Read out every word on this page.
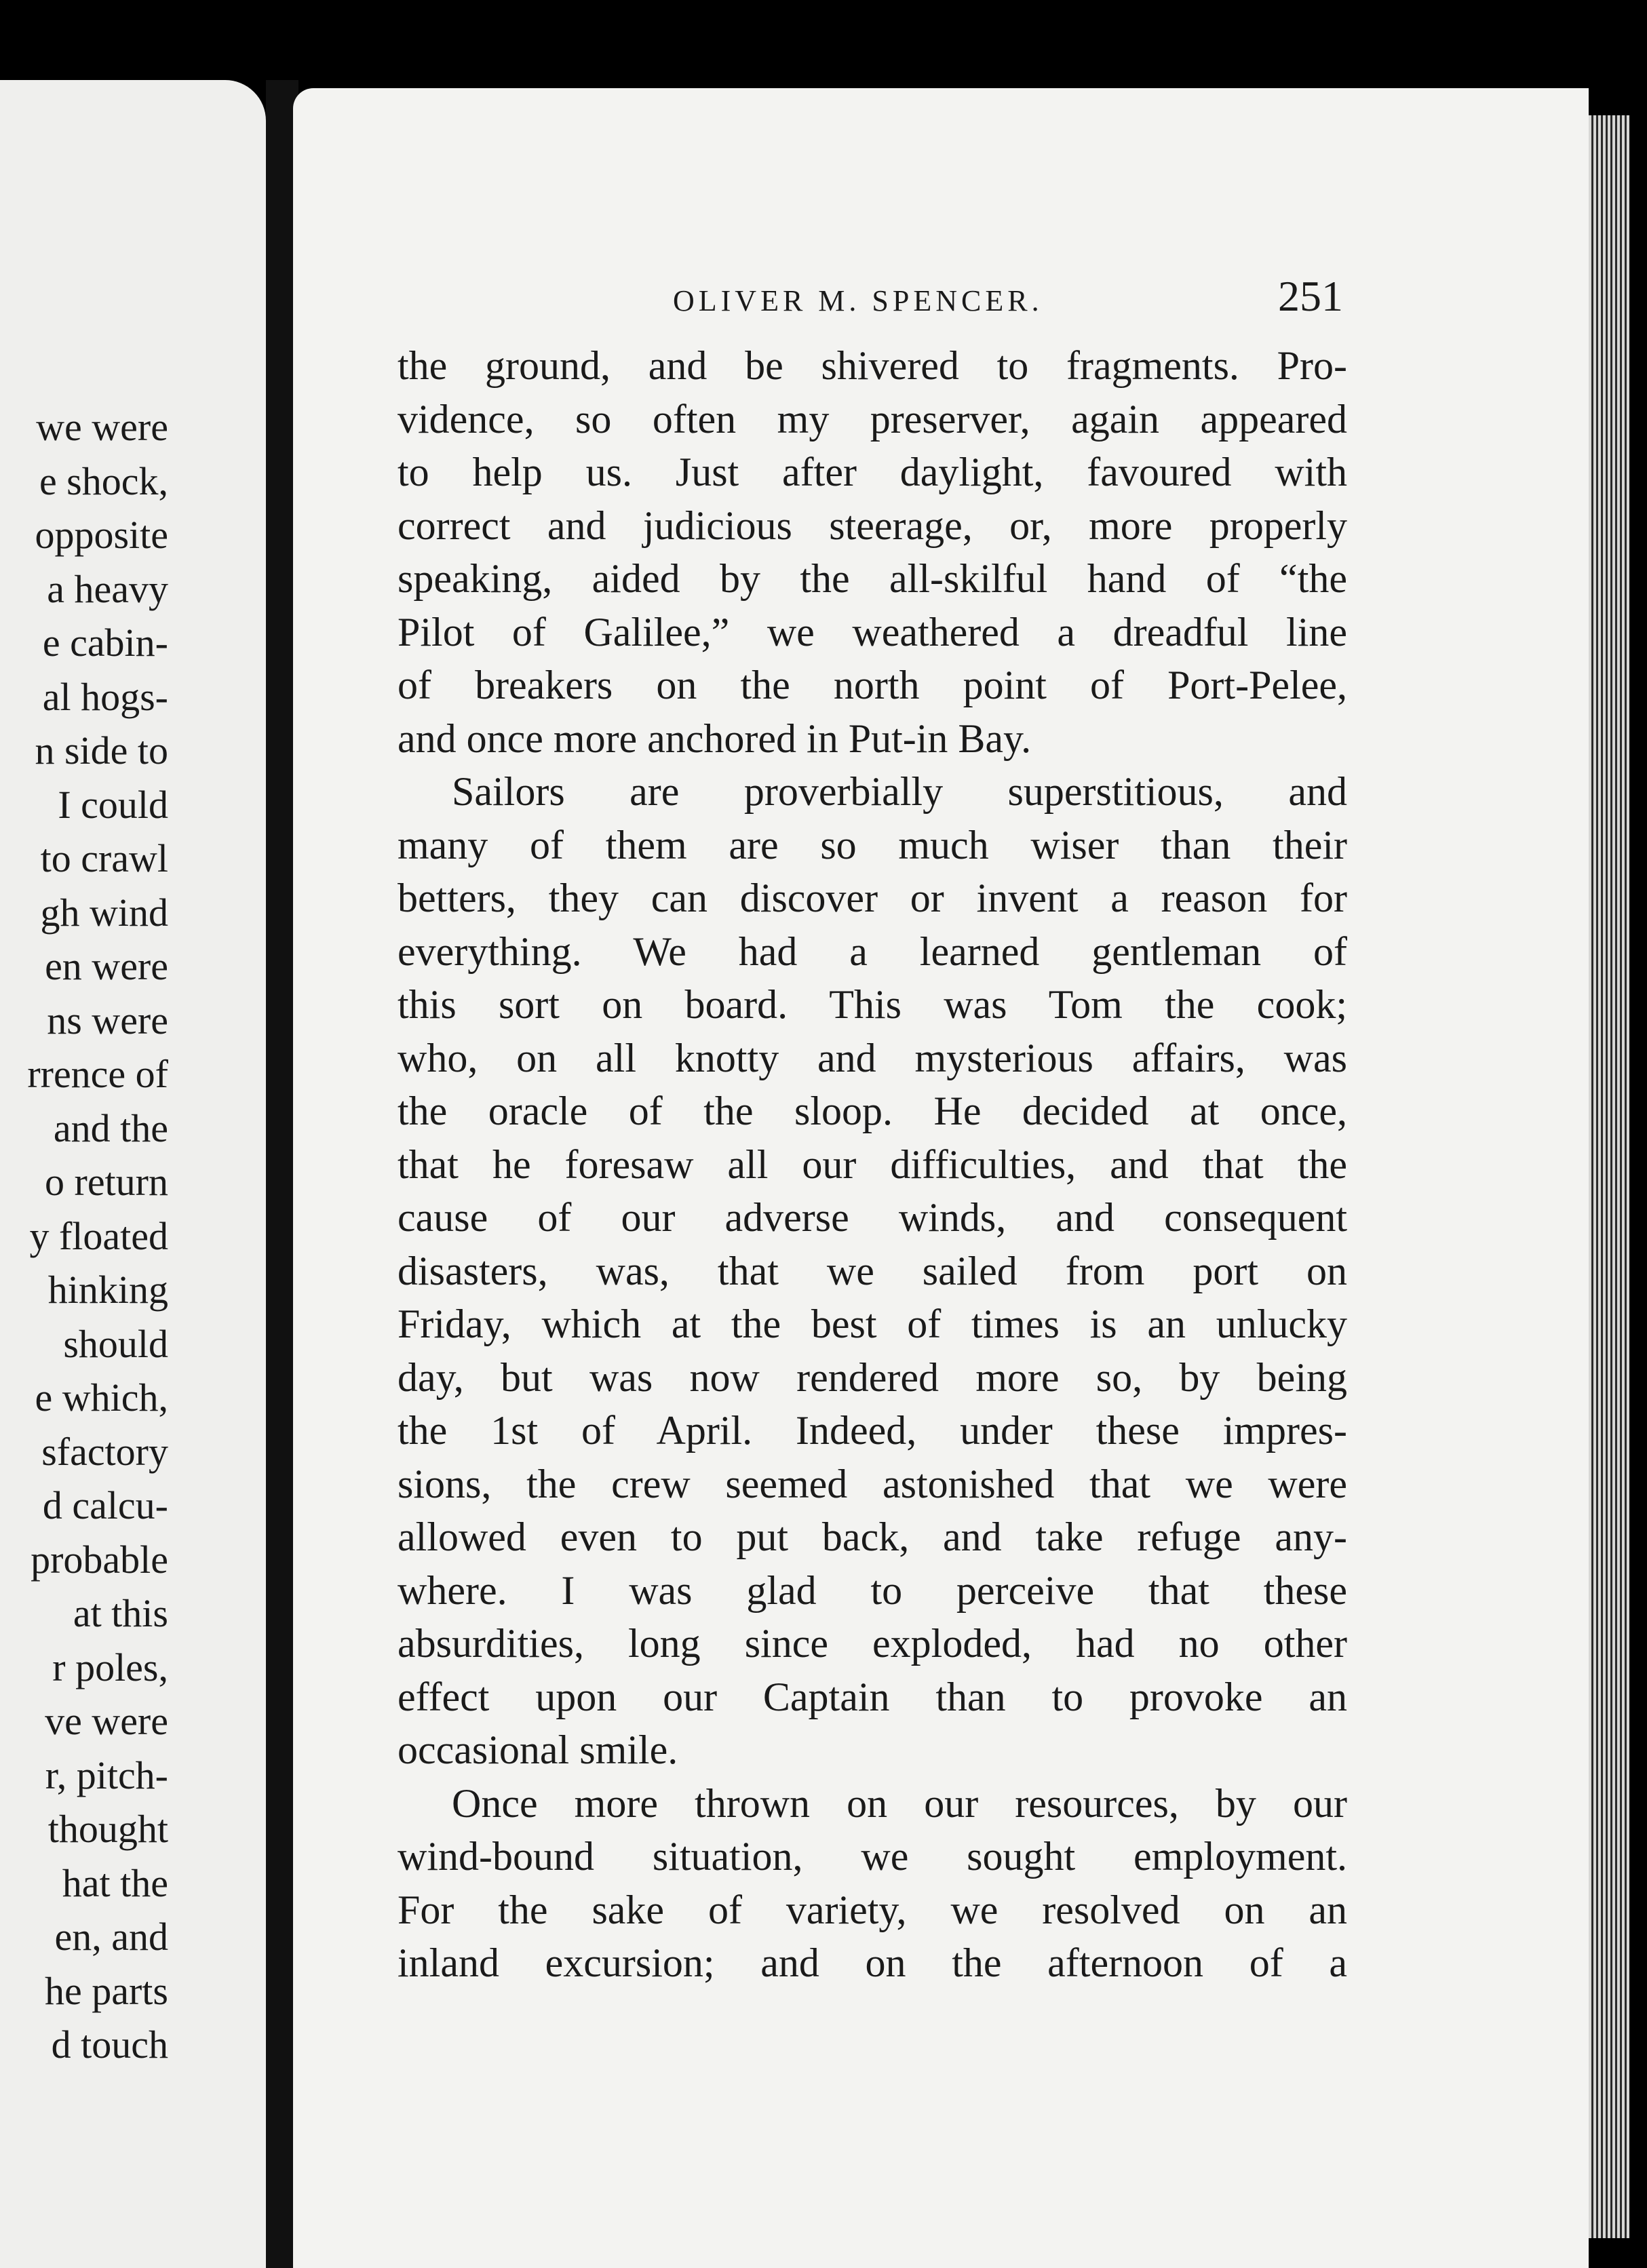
we were
e shock,
opposite
a heavy
e cabin-
al hogs-
n side to
I could
to crawl
gh wind
en were
ns were
rrence of
and the
o return
y floated
hinking
should
e which,
sfactory
d calcu-
probable
at this
r poles,
ve were
r, pitch-
thought
hat the
en, and
he parts
d touch
OLIVER M. SPENCER.	251
the ground, and be shivered to fragments. Pro-
vidence, so often my preserver, again appeared
to help us. Just after daylight, favoured with
correct and judicious steerage, or, more properly
speaking, aided by the all-skilful hand of “the
Pilot of Galilee,” we weathered a dreadful line
of breakers on the north point of Port-Pelee,
and once more anchored in Put-in Bay.
Sailors are proverbially superstitious, and
many of them are so much wiser than their
betters, they can discover or invent a reason for
everything. We had a learned gentleman of
this sort on board. This was Tom the cook;
who, on all knotty and mysterious affairs, was
the oracle of the sloop. He decided at once,
that he foresaw all our difficulties, and that the
cause of our adverse winds, and consequent
disasters, was, that we sailed from port on
Friday, which at the best of times is an unlucky
day, but was now rendered more so, by being
the 1st of April. Indeed, under these impres-
sions, the crew seemed astonished that we were
allowed even to put back, and take refuge any-
where. I was glad to perceive that these
absurdities, long since exploded, had no other
effect upon our Captain than to provoke an
occasional smile.
Once more thrown on our resources, by our
wind-bound situation, we sought employment.
For the sake of variety, we resolved on an
inland excursion; and on the afternoon of a
